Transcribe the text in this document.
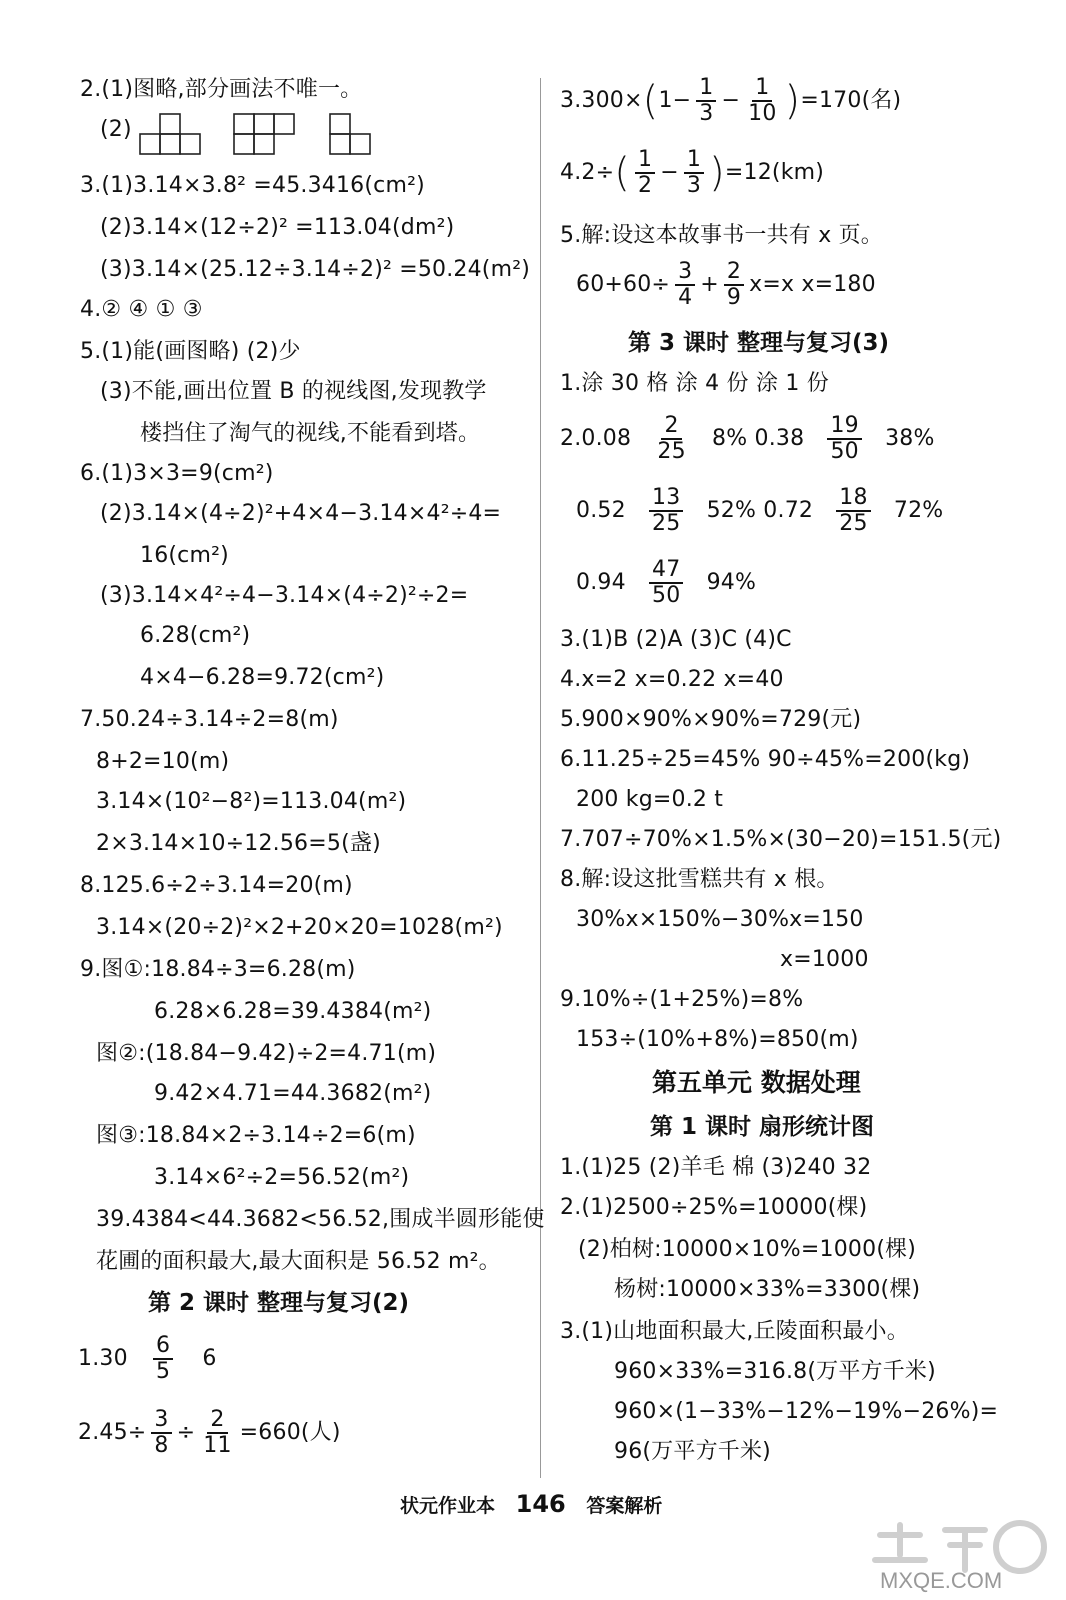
2.(1)图略,部分画法不唯一。
(2)
3.(1)3.14×3.8² =45.3416(cm²)
(2)3.14×(12÷2)² =113.04(dm²)
(3)3.14×(25.12÷3.14÷2)² =50.24(m²)
4.② ④ ① ③
5.(1)能(画图略) (2)少
(3)不能,画出位置 B 的视线图,发现教学
楼挡住了淘气的视线,不能看到塔。
6.(1)3×3=9(cm²)
(2)3.14×(4÷2)²+4×4−3.14×4²÷4=
16(cm²)
(3)3.14×4²÷4−3.14×(4÷2)²÷2=
6.28(cm²)
4×4−6.28=9.72(cm²)
7.50.24÷3.14÷2=8(m)
8+2=10(m)
3.14×(10²−8²)=113.04(m²)
2×3.14×10÷12.56=5(盏)
8.125.6÷2÷3.14=20(m)
3.14×(20÷2)²×2+20×20=1028(m²)
9.图①:18.84÷3=6.28(m)
6.28×6.28=39.4384(m²)
图②:(18.84−9.42)÷2=4.71(m)
9.42×4.71=44.3682(m²)
图③:18.84×2÷3.14÷2=6(m)
3.14×6²÷2=56.52(m²)
39.4384<44.3682<56.52,围成半圆形能使
花圃的面积最大,最大面积是 56.52 m²。
第 2 课时 整理与复习(2)
$1.30 \frac{6}{5} 6$
$2.45\div \frac{3}{8} \div \frac{2}{11} =660$(人)
$3.300\times(1- \frac{1}{3} - \frac{1}{10} )=170$(名)
$4.2\div( \frac{1}{2} - \frac{1}{3} )=12(km)$
5.解:设这本故事书一共有 x 页。
$60+60\div \frac{3}{4} + \frac{2}{9} x=x$ x=180
第 3 课时 整理与复习(3)
1.涂 30 格 涂 4 份 涂 1 份
$2.0.08 \frac{2}{25} 8\%$ $0.38 \frac{19}{50} 38\%$
$0.52 \frac{13}{25} 52\%$ $0.72 \frac{18}{25} 72\%$
$0.94 \frac{47}{50} 94\%$
3.(1)B (2)A (3)C (4)C
4.x=2 x=0.22 x=40
5.900×90%×90%=729(元)
6.11.25÷25=45% 90÷45%=200(kg)
200 kg=0.2 t
7.707÷70%×1.5%×(30−20)=151.5(元)
8.解:设这批雪糕共有 x 根。
30%x×150%−30%x=150
x=1000
9.10%÷(1+25%)=8%
153÷(10%+8%)=850(m)
第五单元 数据处理
第 1 课时 扇形统计图
1.(1)25 (2)羊毛 棉 (3)240 32
2.(1)2500÷25%=10000(棵)
(2)柏树:10000×10%=1000(棵)
杨树:10000×33%=3300(棵)
3.(1)山地面积最大,丘陵面积最小。
960×33%=316.8(万平方千米)
960×(1−33%−12%−19%−26%)=
96(万平方千米)
状元作业本 146 答案解析
MXQE.COM
